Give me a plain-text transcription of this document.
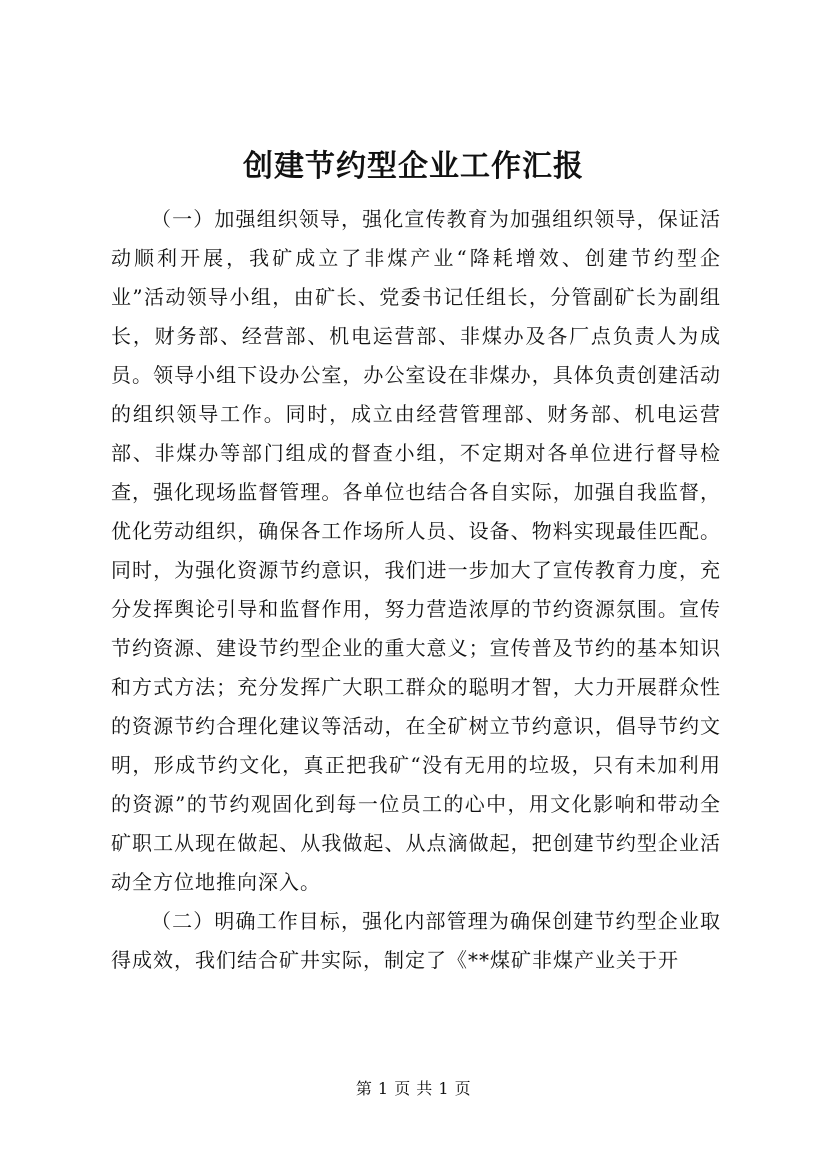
创建节约型企业工作汇报

（一）加强组织领导，强化宣传教育为加强组织领导，保证活动顺利开展，我矿成立了非煤产业“降耗增效、创建节约型企业”活动领导小组，由矿长、党委书记任组长，分管副矿长为副组长，财务部、经营部、机电运营部、非煤办及各厂点负责人为成员。领导小组下设办公室，办公室设在非煤办，具体负责创建活动的组织领导工作。同时，成立由经营管理部、财务部、机电运营部、非煤办等部门组成的督查小组，不定期对各单位进行督导检查，强化现场监督管理。各单位也结合各自实际，加强自我监督，优化劳动组织，确保各工作场所人员、设备、物料实现最佳匹配。同时，为强化资源节约意识，我们进一步加大了宣传教育力度，充分发挥舆论引导和监督作用，努力营造浓厚的节约资源氛围。宣传节约资源、建设节约型企业的重大意义；宣传普及节约的基本知识和方式方法；充分发挥广大职工群众的聪明才智，大力开展群众性的资源节约合理化建议等活动，在全矿树立节约意识，倡导节约文明，形成节约文化，真正把我矿“没有无用的垃圾，只有未加利用的资源”的节约观固化到每一位员工的心中，用文化影响和带动全矿职工从现在做起、从我做起、从点滴做起，把创建节约型企业活动全方位地推向深入。

（二）明确工作目标，强化内部管理为确保创建节约型企业取得成效，我们结合矿井实际，制定了《**煤矿非煤产业关于开

第 1 页 共 1 页
